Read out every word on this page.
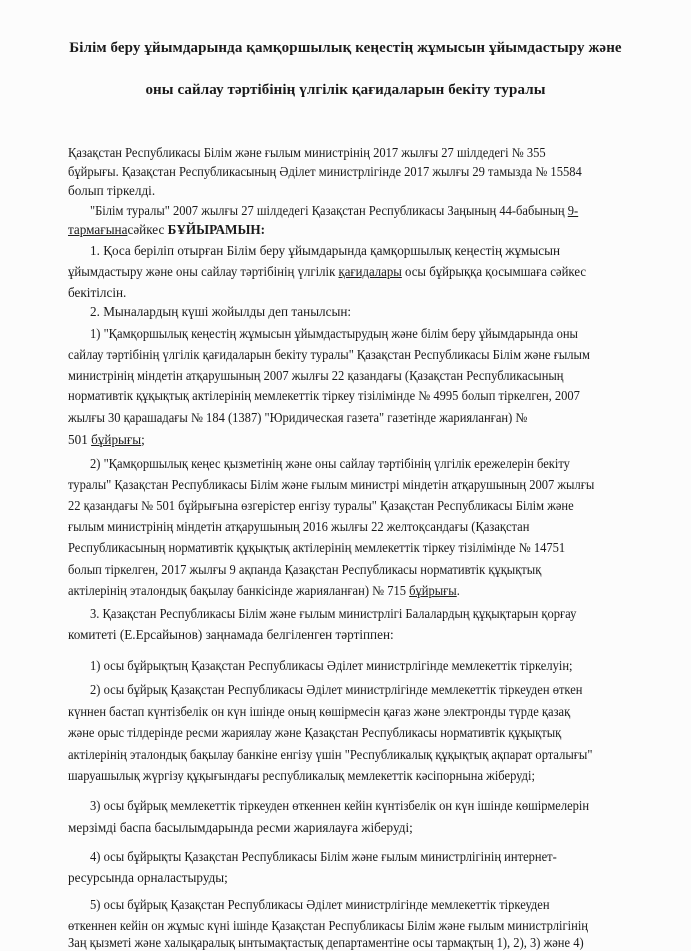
Білім беру ұйымдарында қамқоршылық кеңестің жұмысын ұйымдастыру және
оны сайлау тәртібінің үлгілік қағидаларын бекіту туралы
Қазақстан Республикасы Білім және ғылым министрінің 2017 жылғы 27 шілдедегі № 355
бұйрығы. Қазақстан Республикасының Әділет министрлігінде 2017 жылғы 29 тамызда № 15584
болып тіркелді.
"Білім туралы" 2007 жылғы 27 шілдедегі Қазақстан Республикасы Заңының 44-бабының 9-
тармағынасәйкес БҰЙЫРАМЫН:
1. Қоса беріліп отырған Білім беру ұйымдарында қамқоршылық кеңестің жұмысын
ұйымдастыру және оны сайлау тәртібінің үлгілік қағидалары осы бұйрыққа қосымшаға сәйкес
бекітілсін.
2. Мыналардың күші жойылды деп танылсын:
1) "Қамқоршылық кеңестің жұмысын ұйымдастырудың және білім беру ұйымдарында оны
сайлау тәртібінің үлгілік қағидаларын бекіту туралы" Қазақстан Республикасы Білім және ғылым
министрінің міндетін атқарушының 2007 жылғы 22 қазандағы (Қазақстан Республикасының
нормативтік құқықтық актілерінің мемлекеттік тіркеу тізілімінде № 4995 болып тіркелген, 2007
жылғы 30 қарашадағы № 184 (1387) "Юридическая газета" газетінде жарияланған) №
501 бұйрығы;
2) "Қамқоршылық кеңес қызметінің және оны сайлау тәртібінің үлгілік ережелерін бекіту
туралы" Қазақстан Республикасы Білім және ғылым министрі міндетін атқарушының 2007 жылғы
22 қазандағы № 501 бұйрығына өзгерістер енгізу туралы" Қазақстан Республикасы Білім және
ғылым министрінің міндетін атқарушының 2016 жылғы 22 желтоқсандағы (Қазақстан
Республикасының нормативтік құқықтық актілерінің мемлекеттік тіркеу тізілімінде № 14751
болып тіркелген, 2017 жылғы 9 ақпанда Қазақстан Республикасы нормативтік құқықтық
актілерінің эталондық бақылау банкісінде жарияланған) № 715 бұйрығы.
3. Қазақстан Республикасы Білім және ғылым министрлігі Балалардың құқықтарын қорғау
комитеті (Е.Ерсайынов) заңнамада белгіленген тәртіппен:
1) осы бұйрықтың Қазақстан Республикасы Әділет министрлігінде мемлекеттік тіркелуін;
2) осы бұйрық Қазақстан Республикасы Әділет министрлігінде мемлекеттік тіркеуден өткен
күннен бастап күнтізбелік он күн ішінде оның көшірмесін қағаз және электронды түрде қазақ
және орыс тілдерінде ресми жариялау және Қазақстан Республикасы нормативтік құқықтық
актілерінің эталондық бақылау банкіне енгізу үшін "Республикалық құқықтық ақпарат орталығы"
шаруашылық жүргізу құқығындағы республикалық мемлекеттік кәсіпорнына жіберуді;
3) осы бұйрық мемлекеттік тіркеуден өткеннен кейін күнтізбелік он күн ішінде көшірмелерін
мерзімді баспа басылымдарында ресми жариялауға жіберуді;
4) осы бұйрықты Қазақстан Республикасы Білім және ғылым министрлігінің интернет-
ресурсында орналастыруды;
5) осы бұйрық Қазақстан Республикасы Әділет министрлігінде мемлекеттік тіркеуден
өткеннен кейін он жұмыс күні ішінде Қазақстан Республикасы Білім және ғылым министрлігінің
Заң қызметі және халықаралық ынтымақтастық департаментіне осы тармақтың 1), 2), 3) және 4)
